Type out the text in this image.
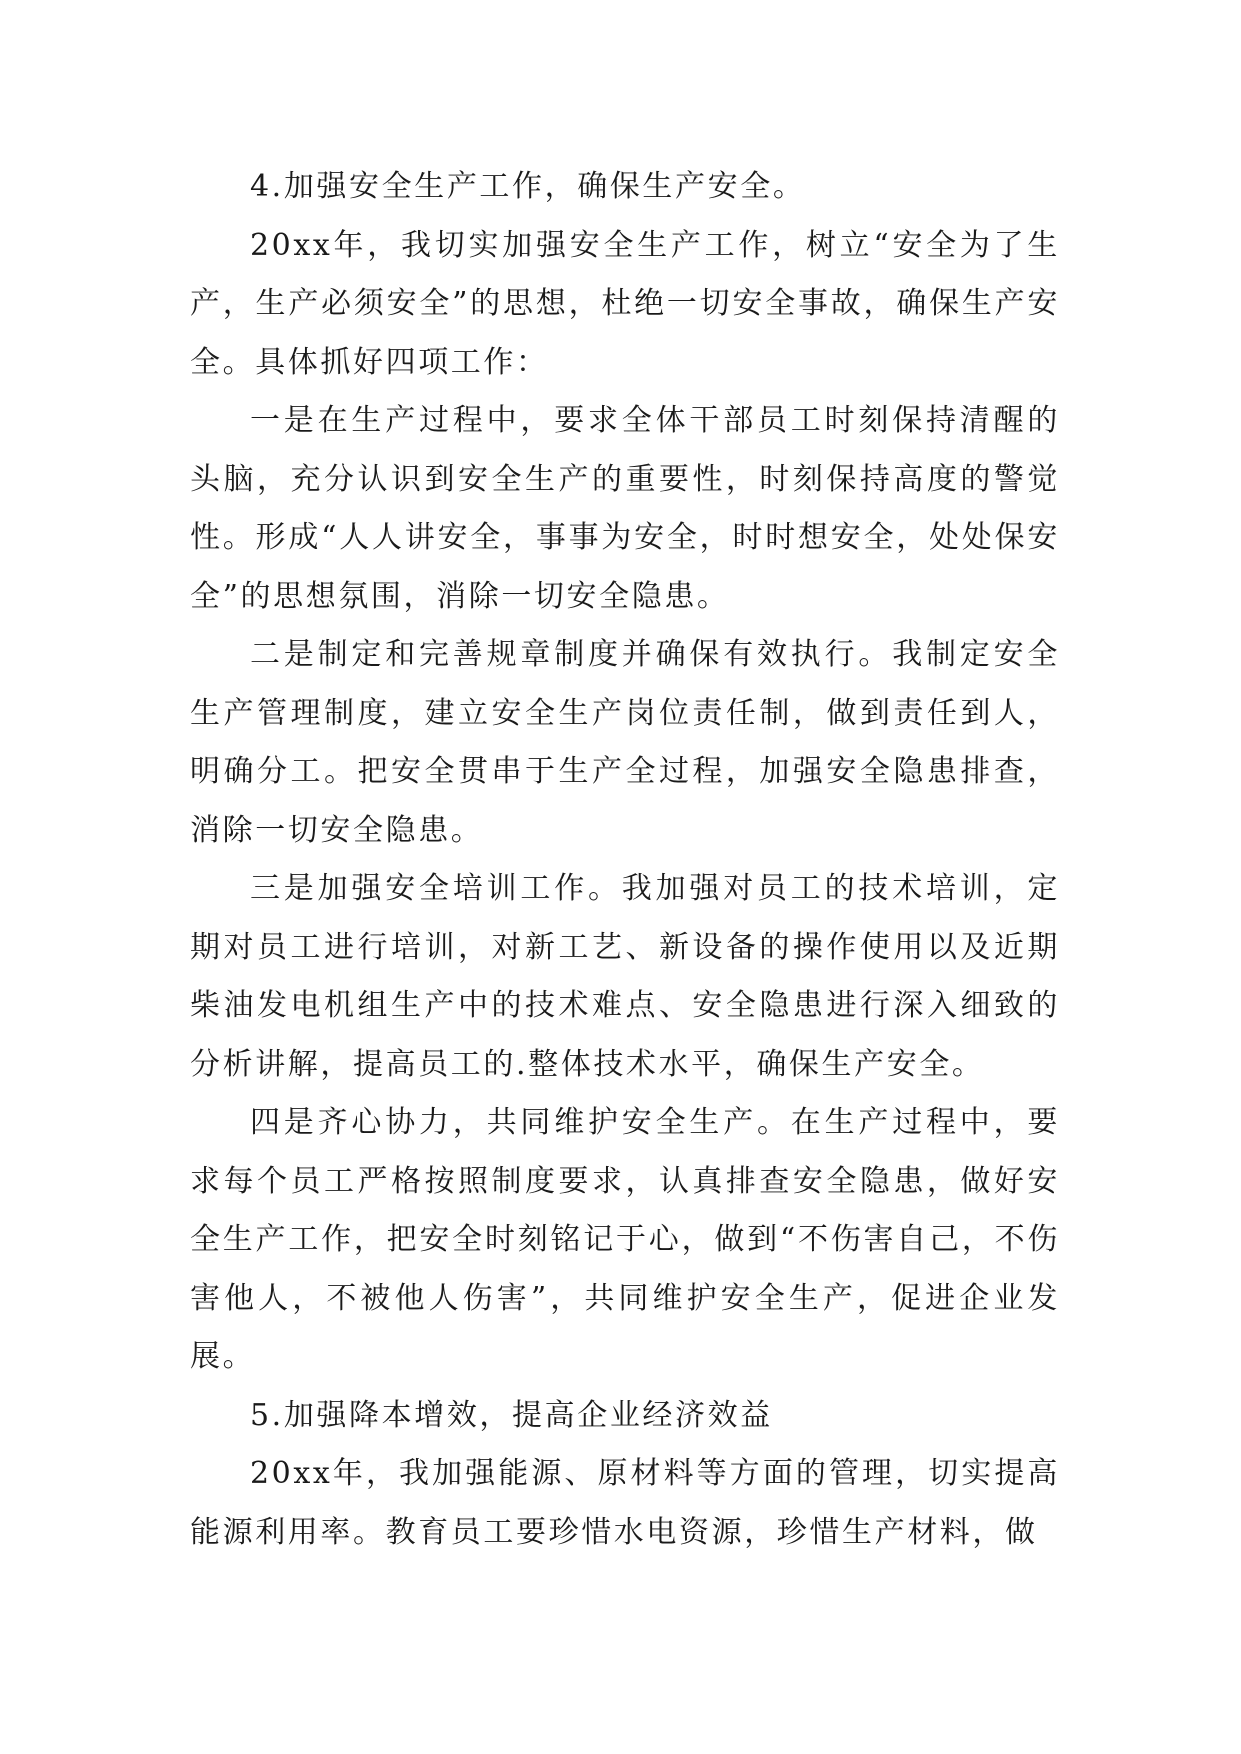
4.加强安全生产工作，确保生产安全。

20xx年，我切实加强安全生产工作，树立“安全为了生产，生产必须安全”的思想，杜绝一切安全事故，确保生产安全。具体抓好四项工作：

一是在生产过程中，要求全体干部员工时刻保持清醒的头脑，充分认识到安全生产的重要性，时刻保持高度的警觉性。形成“人人讲安全，事事为安全，时时想安全，处处保安全”的思想氛围，消除一切安全隐患。

二是制定和完善规章制度并确保有效执行。我制定安全生产管理制度，建立安全生产岗位责任制，做到责任到人，明确分工。把安全贯串于生产全过程，加强安全隐患排查，消除一切安全隐患。

三是加强安全培训工作。我加强对员工的技术培训，定期对员工进行培训，对新工艺、新设备的操作使用以及近期柴油发电机组生产中的技术难点、安全隐患进行深入细致的分析讲解，提高员工的.整体技术水平，确保生产安全。

四是齐心协力，共同维护安全生产。在生产过程中，要求每个员工严格按照制度要求，认真排查安全隐患，做好安全生产工作，把安全时刻铭记于心，做到“不伤害自己，不伤害他人，不被他人伤害”，共同维护安全生产，促进企业发展。

5.加强降本增效，提高企业经济效益

20xx年，我加强能源、原材料等方面的管理，切实提高能源利用率。教育员工要珍惜水电资源，珍惜生产材料，做
